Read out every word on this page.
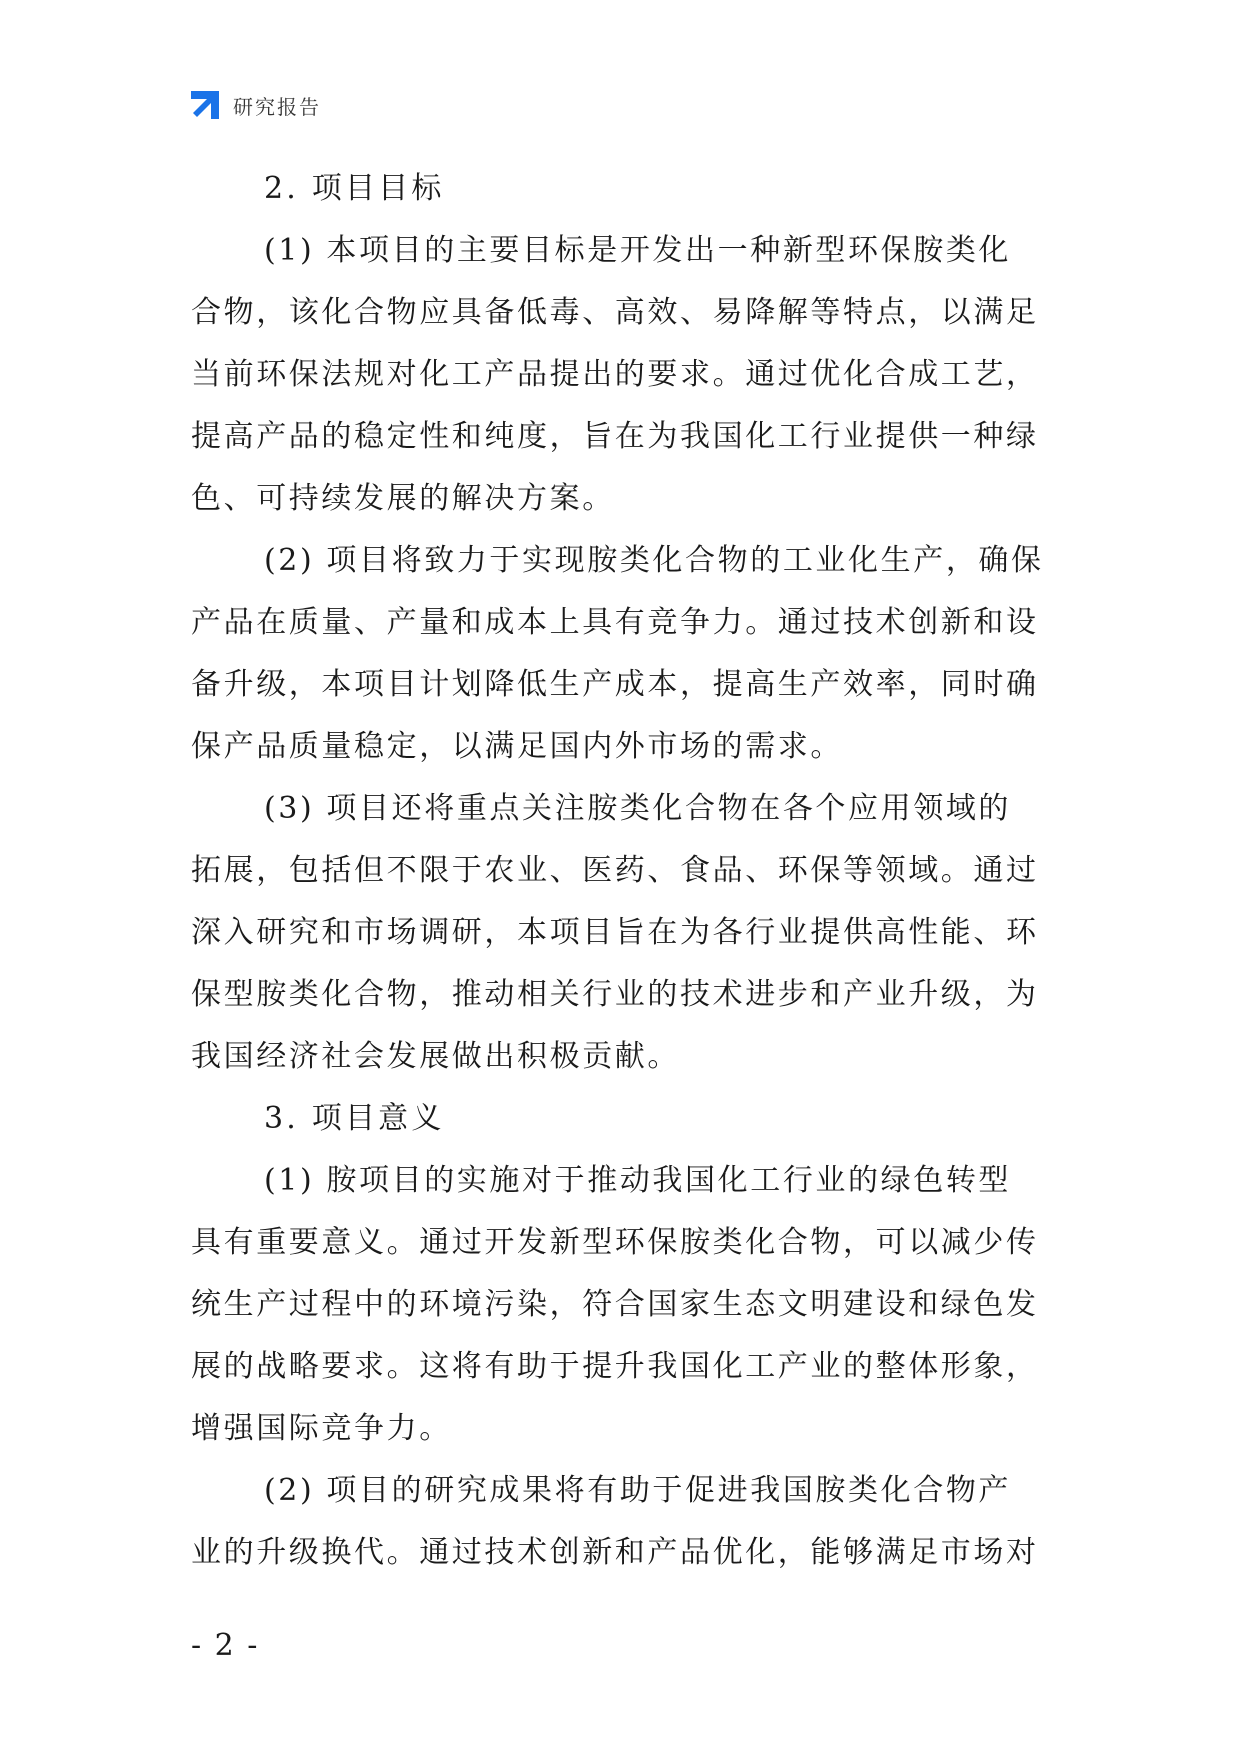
研究报告
2. 项目目标
(1) 本项目的主要目标是开发出一种新型环保胺类化
合物，该化合物应具备低毒、高效、易降解等特点，以满足
当前环保法规对化工产品提出的要求。通过优化合成工艺，
提高产品的稳定性和纯度，旨在为我国化工行业提供一种绿
色、可持续发展的解决方案。
(2) 项目将致力于实现胺类化合物的工业化生产，确保
产品在质量、产量和成本上具有竞争力。通过技术创新和设
备升级，本项目计划降低生产成本，提高生产效率，同时确
保产品质量稳定，以满足国内外市场的需求。
(3) 项目还将重点关注胺类化合物在各个应用领域的
拓展，包括但不限于农业、医药、食品、环保等领域。通过
深入研究和市场调研，本项目旨在为各行业提供高性能、环
保型胺类化合物，推动相关行业的技术进步和产业升级，为
我国经济社会发展做出积极贡献。
3. 项目意义
(1) 胺项目的实施对于推动我国化工行业的绿色转型
具有重要意义。通过开发新型环保胺类化合物，可以减少传
统生产过程中的环境污染，符合国家生态文明建设和绿色发
展的战略要求。这将有助于提升我国化工产业的整体形象，
增强国际竞争力。
(2) 项目的研究成果将有助于促进我国胺类化合物产
业的升级换代。通过技术创新和产品优化，能够满足市场对
- 2 -
